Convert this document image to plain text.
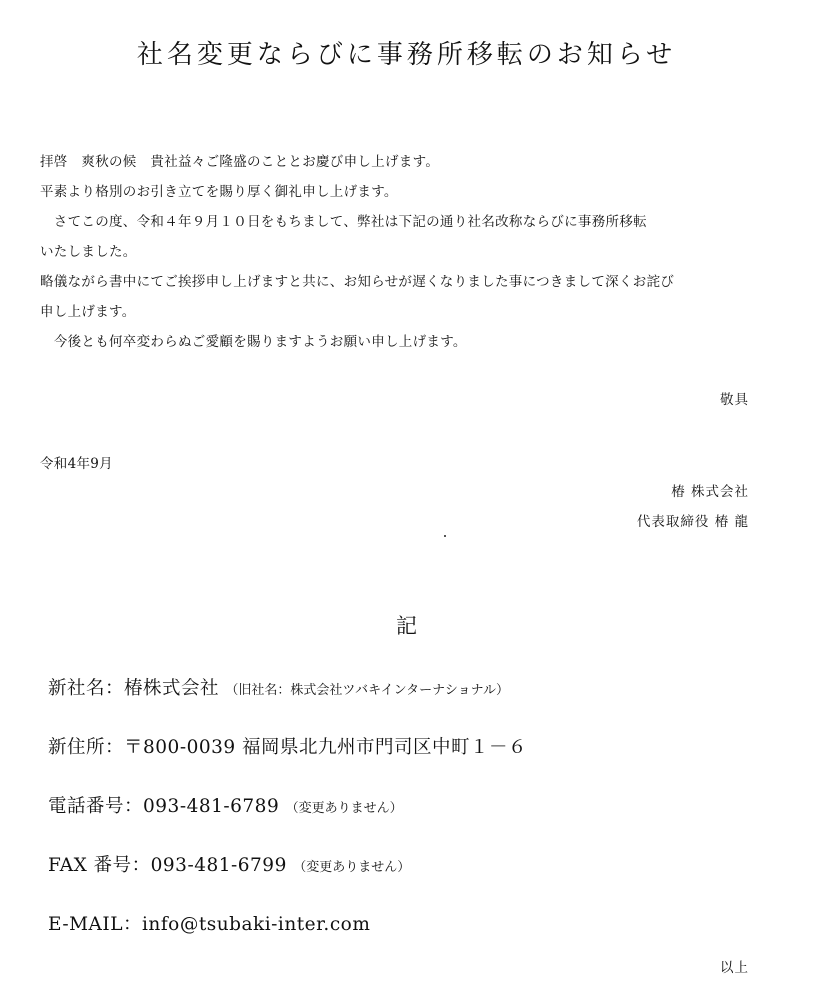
社名変更ならびに事務所移転のお知らせ
拝啓　爽秋の候　貴社益々ご隆盛のこととお慶び申し上げます。
平素より格別のお引き立てを賜り厚く御礼申し上げます。
　さてこの度、令和４年９月１０日をもちまして、弊社は下記の通り社名改称ならびに事務所移転
いたしました。
略儀ながら書中にてご挨拶申し上げますと共に、お知らせが遅くなりました事につきまして深くお詫び
申し上げます。
　今後とも何卒変わらぬご愛顧を賜りますようお願い申し上げます。
敬具
令和4年9月
椿 株式会社
代表取締役 椿 龍
記
新社名：椿株式会社 （旧社名：株式会社ツバキインターナショナル）
新住所：〒800-0039 福岡県北九州市門司区中町１－６
電話番号：093-481-6789 （変更ありません）
FAX 番号：093-481-6799 （変更ありません）
E-MAIL：info@tsubaki-inter.com
以上
